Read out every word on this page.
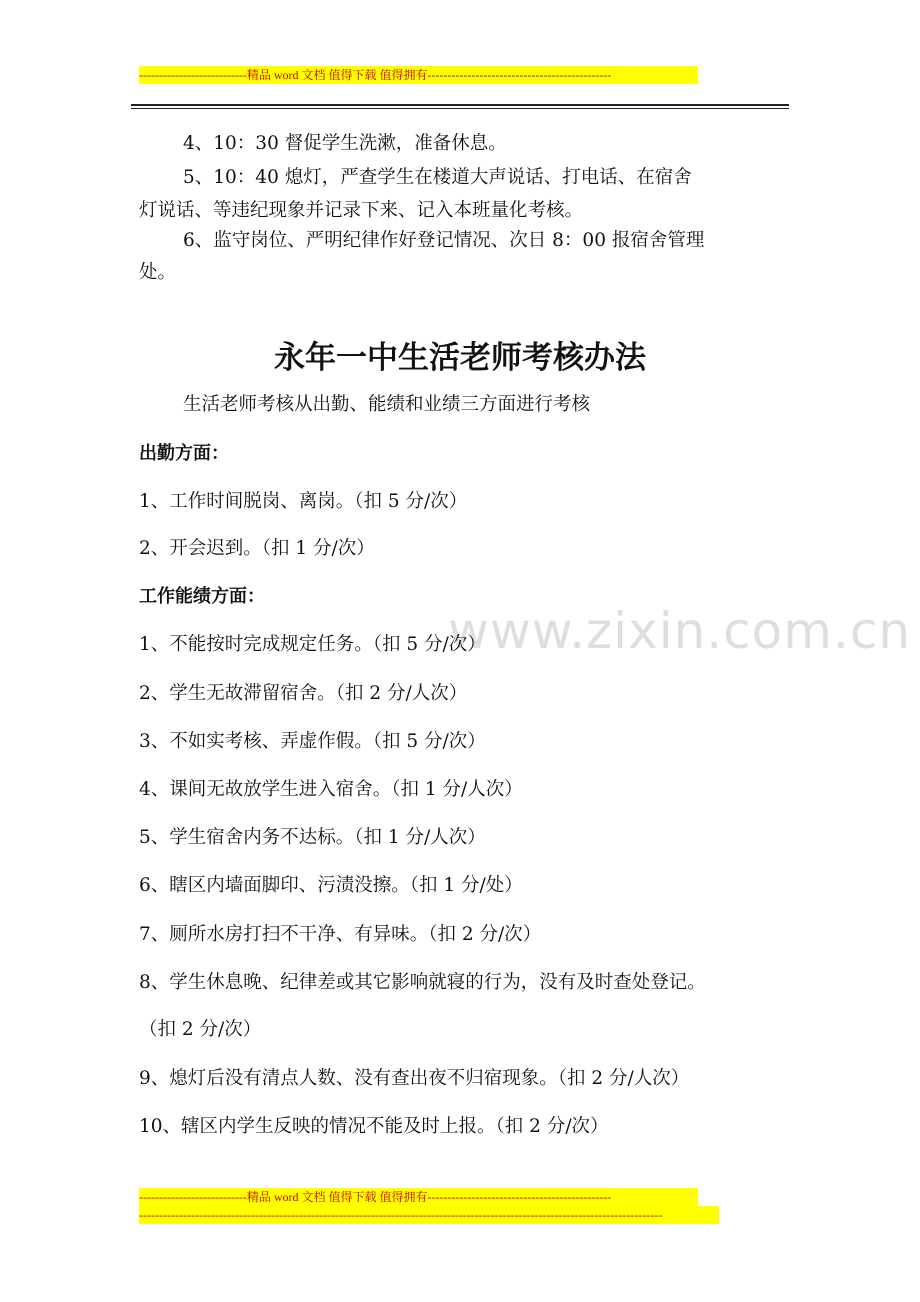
---------------------------精品 word 文档 值得下载 值得拥有----------------------------------------------
4、10：30 督促学生洗漱，准备休息。
5、10：40 熄灯，严查学生在楼道大声说话、打电话、在宿舍
灯说话、等违纪现象并记录下来、记入本班量化考核。
6、监守岗位、严明纪律作好登记情况、次日 8：00 报宿舍管理
处。
永年一中生活老师考核办法
生活老师考核从出勤、能绩和业绩三方面进行考核
出勤方面：
1、工作时间脱岗、离岗。（扣 5 分/次）
2、开会迟到。（扣 1 分/次）
工作能绩方面：
www.zixin.com.cn
1、不能按时完成规定任务。（扣 5 分/次）
2、学生无故滞留宿舍。（扣 2 分/人次）
3、不如实考核、弄虚作假。（扣 5 分/次）
4、课间无故放学生进入宿舍。（扣 1 分/人次）
5、学生宿舍内务不达标。（扣 1 分/人次）
6、瞎区内墙面脚印、污渍没擦。（扣 1 分/处）
7、厕所水房打扫不干净、有异味。（扣 2 分/次）
8、学生休息晚、纪律差或其它影响就寝的行为，没有及时查处登记。
（扣 2 分/次）
9、熄灯后没有清点人数、没有查出夜不归宿现象。（扣 2 分/人次）
10、辖区内学生反映的情况不能及时上报。（扣 2 分/次）
---------------------------精品 word 文档 值得下载 值得拥有----------------------------------------------
-----------------------------------------------------------------------------------------------------------------------------------
